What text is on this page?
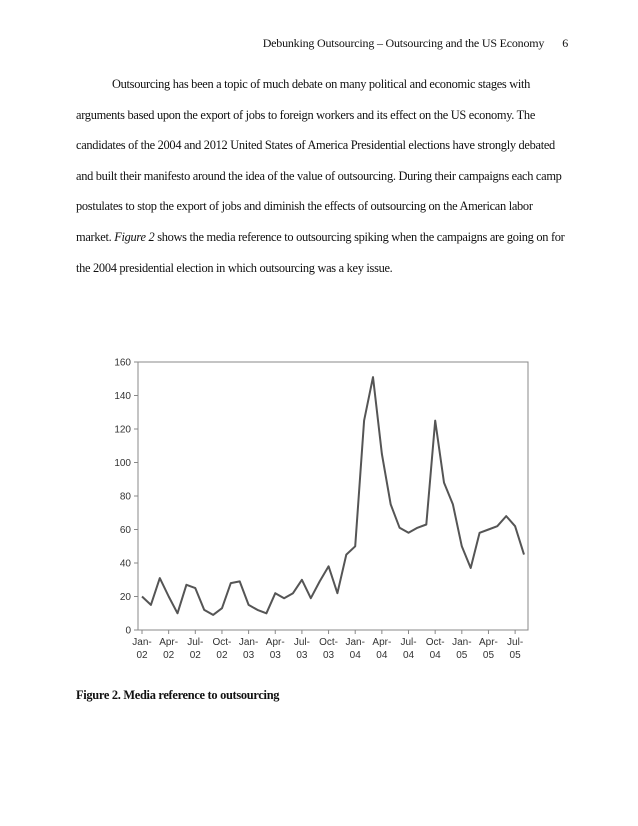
Debunking Outsourcing – Outsourcing and the US Economy 6

Outsourcing has been a topic of much debate on many political and economic stages with arguments based upon the export of jobs to foreign workers and its effect on the US economy. The candidates of the 2004 and 2012 United States of America Presidential elections have strongly debated and built their manifesto around the idea of the value of outsourcing. During their campaigns each camp postulates to stop the export of jobs and diminish the effects of outsourcing on the American labor market. Figure 2 shows the media reference to outsourcing spiking when the campaigns are going on for the 2004 presidential election in which outsourcing was a key issue.

0
20
40
60
80
100
120
140
160
Jan-
02
Apr-
02
Jul-
02
Oct-
02
Jan-
03
Apr-
03
Jul-
03
Oct-
03
Jan-
04
Apr-
04
Jul-
04
Oct-
04
Jan-
05
Apr-
05
Jul-
05
Figure 2. Media reference to outsourcing
